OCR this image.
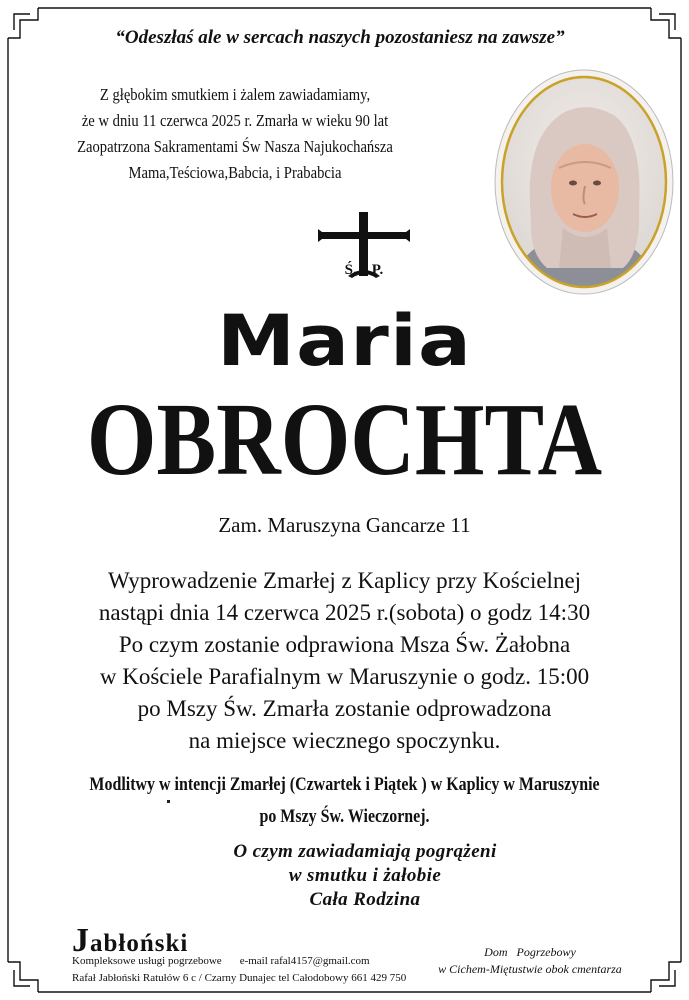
“Odeszłaś ale w sercach naszych pozostaniesz na zawsze”
Z głębokim smutkiem i żalem zawiadamiamy,
że w dniu 11 czerwca 2025 r. Zmarła w wieku 90 lat
Zaopatrzona Sakramentami Św Nasza Najukochańsza
Mama,Teściowa,Babcia, i Prababcia
Ś.    P.
Maria
OBROCHTA
Zam. Maruszyna Gancarze 11
Wyprowadzenie Zmarłej z Kaplicy przy Kościelnej
nastąpi dnia 14 czerwca 2025 r.(sobota) o godz 14:30
Po czym zostanie odprawiona Msza Św. Żałobna
w Kościele Parafialnym w Maruszynie o godz. 15:00
po Mszy Św. Zmarła zostanie odprowadzona
na miejsce wiecznego spoczynku.
Modlitwy w intencji Zmarłej (Czwartek i Piątek ) w Kaplicy w Maruszynie
po Mszy Św. Wieczornej.
O czym zawiadamiają pogrążeni
w smutku i żałobie
Cała Rodzina
Jabłoński
Kompleksowe usługi pogrzebowe e-mail rafal4157@gmail.com
Rafał Jabłoński Ratułów 6 c / Czarny Dunajec tel Całodobowy 661 429 750
Dom   Pogrzebowy
w Cichem-Miętustwie obok cmentarza
